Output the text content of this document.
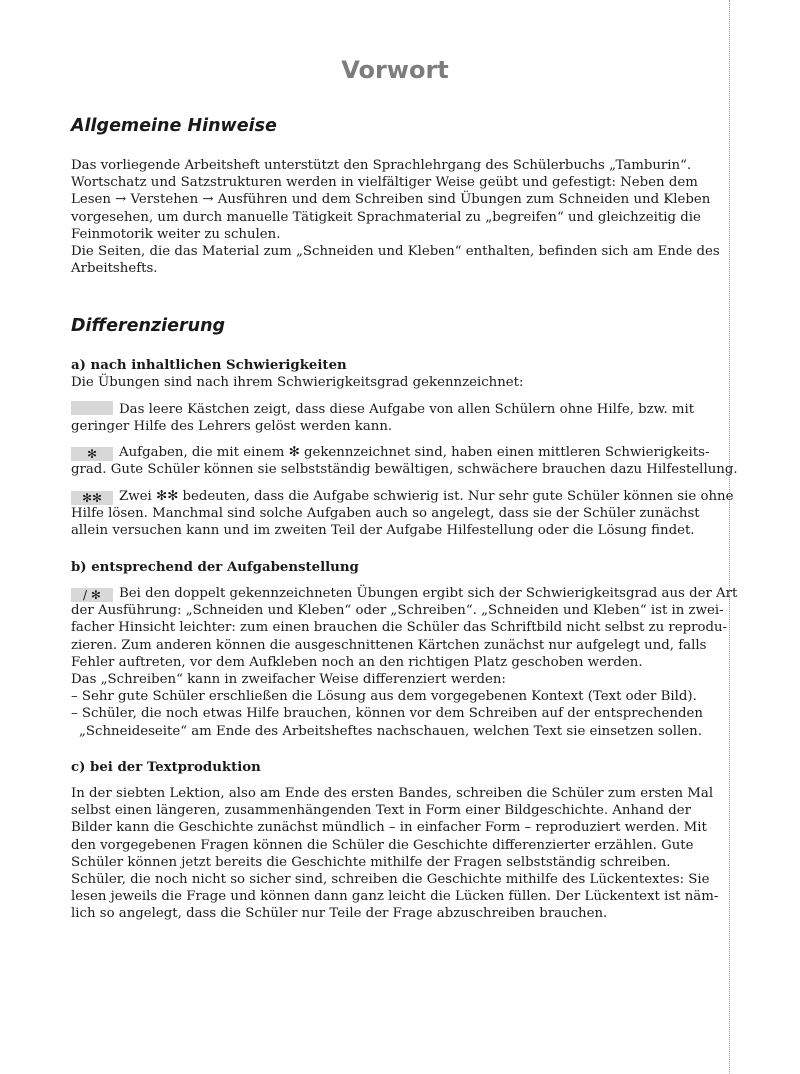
Vorwort
Allgemeine Hinweise
Das vorliegende Arbeitsheft unterstützt den Sprachlehrgang des Schülerbuchs „Tamburin“.
Wortschatz und Satzstrukturen werden in vielfältiger Weise geübt und gefestigt: Neben dem
Lesen → Verstehen → Ausführen und dem Schreiben sind Übungen zum Schneiden und Kleben
vorgesehen, um durch manuelle Tätigkeit Sprachmaterial zu „begreifen“ und gleichzeitig die
Feinmotorik weiter zu schulen.
Die Seiten, die das Material zum „Schneiden und Kleben“ enthalten, befinden sich am Ende des
Arbeitshefts.
Differenzierung
a) nach inhaltlichen Schwierigkeiten
Die Übungen sind nach ihrem Schwierigkeitsgrad gekennzeichnet:
Das leere Kästchen zeigt, dass diese Aufgabe von allen Schülern ohne Hilfe, bzw. mit
geringer Hilfe des Lehrers gelöst werden kann.
✻ Aufgaben, die mit einem ✻ gekennzeichnet sind, haben einen mittleren Schwierigkeits-
grad. Gute Schüler können sie selbstständig bewältigen, schwächere brauchen dazu Hilfestellung.
✻✻ Zwei ✻✻ bedeuten, dass die Aufgabe schwierig ist. Nur sehr gute Schüler können sie ohne
Hilfe lösen. Manchmal sind solche Aufgaben auch so angelegt, dass sie der Schüler zunächst
allein versuchen kann und im zweiten Teil der Aufgabe Hilfestellung oder die Lösung findet.
b) entsprechend der Aufgabenstellung
/ ✻ Bei den doppelt gekennzeichneten Übungen ergibt sich der Schwierigkeitsgrad aus der Art
der Ausführung: „Schneiden und Kleben“ oder „Schreiben“. „Schneiden und Kleben“ ist in zwei-
facher Hinsicht leichter: zum einen brauchen die Schüler das Schriftbild nicht selbst zu reprodu-
zieren. Zum anderen können die ausgeschnittenen Kärtchen zunächst nur aufgelegt und, falls
Fehler auftreten, vor dem Aufkleben noch an den richtigen Platz geschoben werden.
Das „Schreiben“ kann in zweifacher Weise differenziert werden:
– Sehr gute Schüler erschließen die Lösung aus dem vorgegebenen Kontext (Text oder Bild).
– Schüler, die noch etwas Hilfe brauchen, können vor dem Schreiben auf der entsprechenden
„Schneideseite“ am Ende des Arbeitsheftes nachschauen, welchen Text sie einsetzen sollen.
c) bei der Textproduktion
In der siebten Lektion, also am Ende des ersten Bandes, schreiben die Schüler zum ersten Mal
selbst einen längeren, zusammenhängenden Text in Form einer Bildgeschichte. Anhand der
Bilder kann die Geschichte zunächst mündlich – in einfacher Form – reproduziert werden. Mit
den vorgegebenen Fragen können die Schüler die Geschichte differenzierter erzählen. Gute
Schüler können jetzt bereits die Geschichte mithilfe der Fragen selbstständig schreiben.
Schüler, die noch nicht so sicher sind, schreiben die Geschichte mithilfe des Lückentextes: Sie
lesen jeweils die Frage und können dann ganz leicht die Lücken füllen. Der Lückentext ist näm-
lich so angelegt, dass die Schüler nur Teile der Frage abzuschreiben brauchen.
